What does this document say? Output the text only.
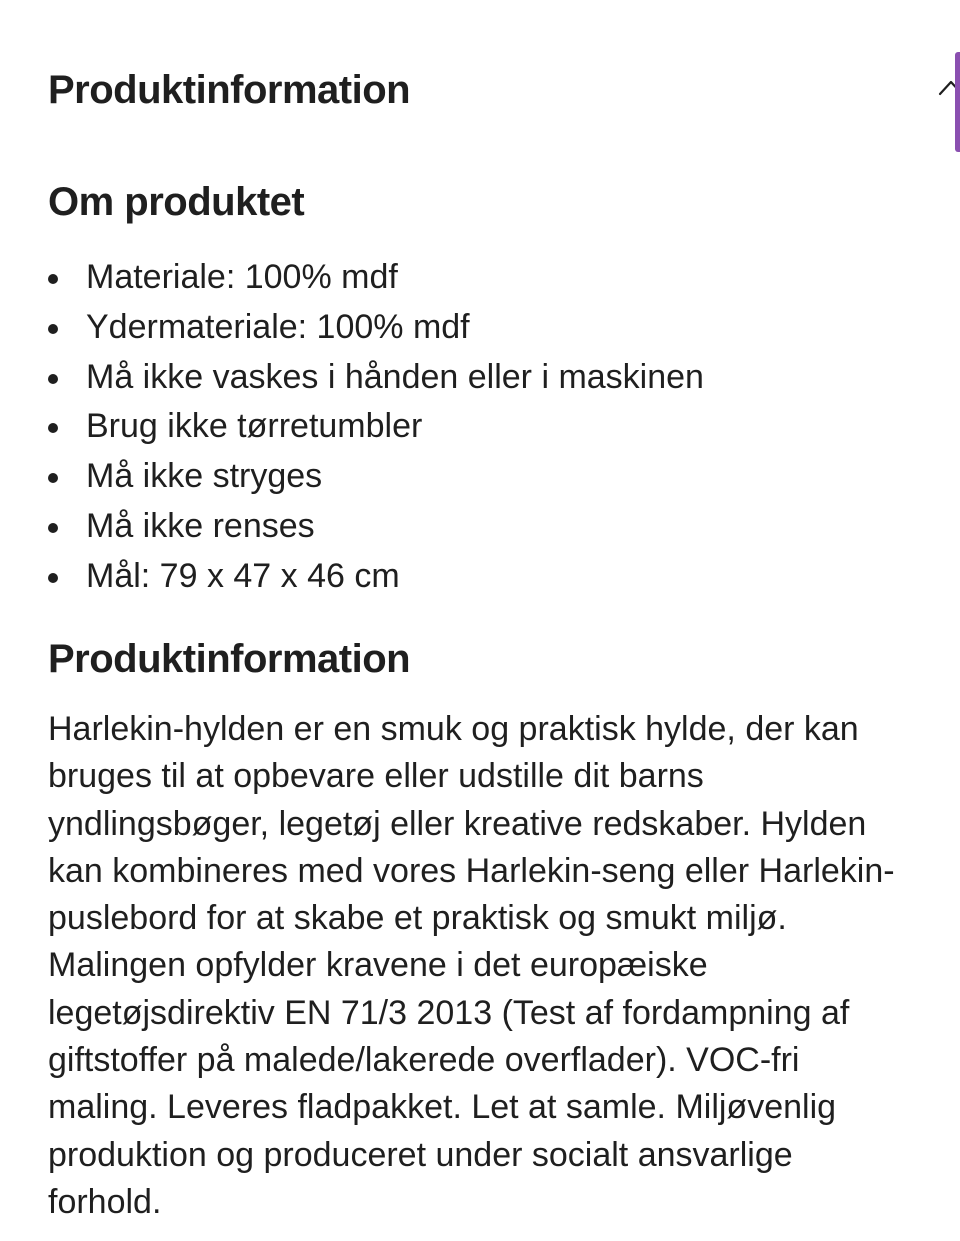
Produktinformation
Om produktet
Materiale: 100% mdf
Ydermateriale: 100% mdf
Må ikke vaskes i hånden eller i maskinen
Brug ikke tørretumbler
Må ikke stryges
Må ikke renses
Mål: 79 x 47 x 46 cm
Produktinformation

Harlekin-hylden er en smuk og praktisk hylde, der kan
bruges til at opbevare eller udstille dit barns
yndlingsbøger, legetøj eller kreative redskaber. Hylden
kan kombineres med vores Harlekin-seng eller Harlekin-
puslebord for at skabe et praktisk og smukt miljø.
Malingen opfylder kravene i det europæiske
legetøjsdirektiv EN 71/3 2013 (Test af fordampning af
giftstoffer på malede/lakerede overflader). VOC-fri
maling. Leveres fladpakket. Let at samle. Miljøvenlig
produktion og produceret under socialt ansvarlige
forhold.
